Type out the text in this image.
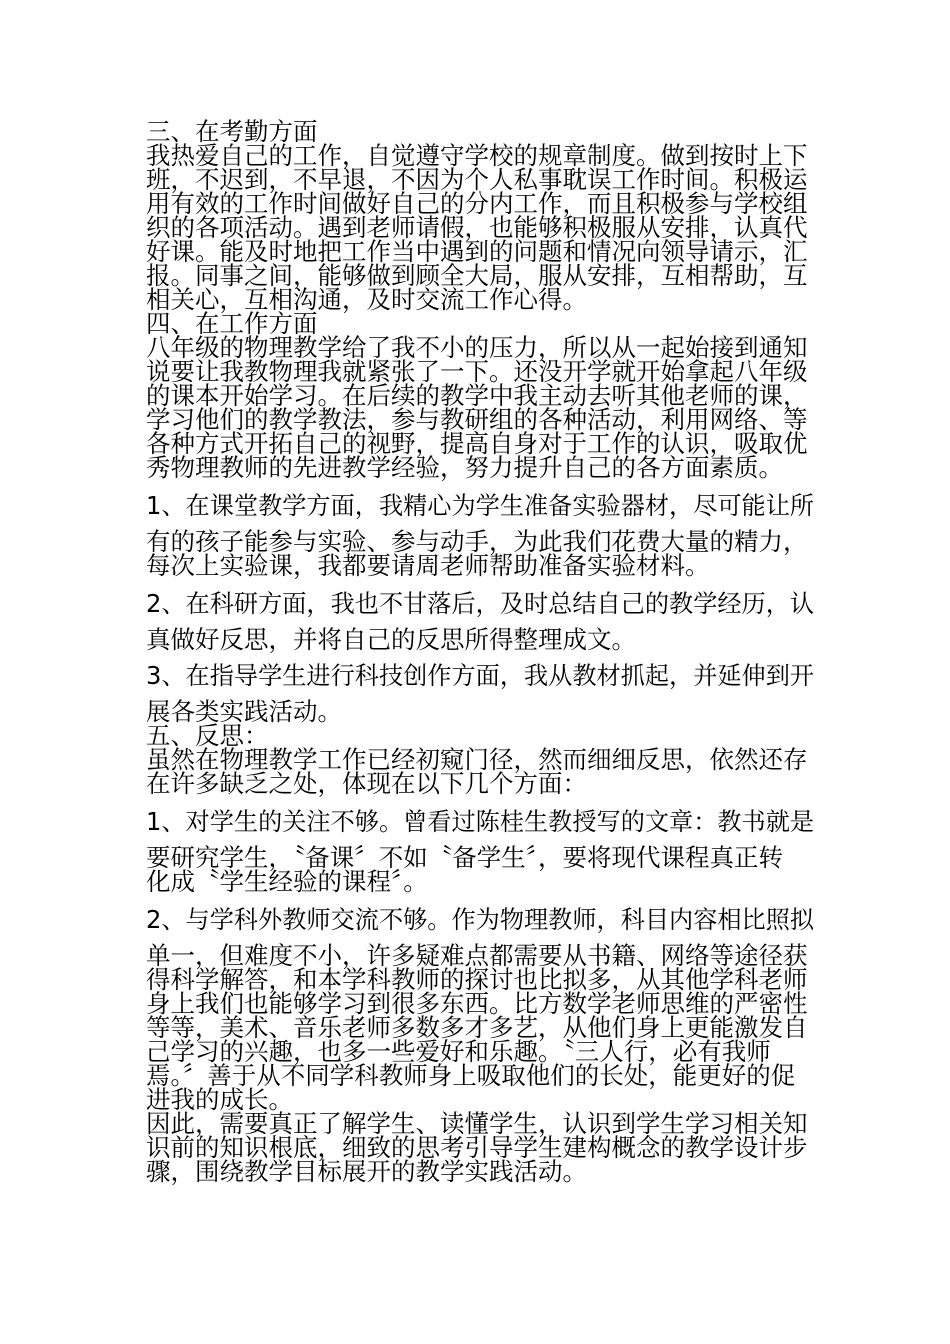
三、在考勤方面
我热爱自己的工作，自觉遵守学校的规章制度。做到按时上下
班，不迟到，不早退，不因为个人私事耽误工作时间。积极运
用有效的工作时间做好自己的分内工作，而且积极参与学校组
织的各项活动。遇到老师请假，也能够积极服从安排，认真代
好课。能及时地把工作当中遇到的问题和情况向领导请示，汇
报。同事之间，能够做到顾全大局，服从安排，互相帮助，互
相关心，互相沟通，及时交流工作心得。
四、在工作方面
八年级的物理教学给了我不小的压力，所以从一起始接到通知
说要让我教物理我就紧张了一下。还没开学就开始拿起八年级
的课本开始学习。在后续的教学中我主动去听其他老师的课，
学习他们的教学教法，参与教研组的各种活动，利用网络、等
各种方式开拓自己的视野，提高自身对于工作的认识，吸取优
秀物理教师的先进教学经验，努力提升自己的各方面素质。
1、在课堂教学方面，我精心为学生准备实验器材，尽可能让所
有的孩子能参与实验、参与动手，为此我们花费大量的精力，
每次上实验课，我都要请周老师帮助准备实验材料。
2、在科研方面，我也不甘落后，及时总结自己的教学经历，认
真做好反思，并将自己的反思所得整理成文。
3、在指导学生进行科技创作方面，我从教材抓起，并延伸到开
展各类实践活动。
五、反思：
虽然在物理教学工作已经初窥门径，然而细细反思，依然还存
在许多缺乏之处，体现在以下几个方面：
1、对学生的关注不够。曾看过陈桂生教授写的文章：教书就是
要研究学生，〝备课〞不如〝备学生〞，要将现代课程真正转
化成〝学生经验的课程〞。
2、与学科外教师交流不够。作为物理教师，科目内容相比照拟
单一，但难度不小，许多疑难点都需要从书籍、网络等途径获
得科学解答，和本学科教师的探讨也比拟多，从其他学科老师
身上我们也能够学习到很多东西。比方数学老师思维的严密性
等等，美术、音乐老师多数多才多艺，从他们身上更能激发自
己学习的兴趣，也多一些爱好和乐趣。〝三人行，必有我师
焉。〞善于从不同学科教师身上吸取他们的长处，能更好的促
进我的成长。
因此，需要真正了解学生、读懂学生，认识到学生学习相关知
识前的知识根底，细致的思考引导学生建构概念的教学设计步
骤，围绕教学目标展开的教学实践活动。
